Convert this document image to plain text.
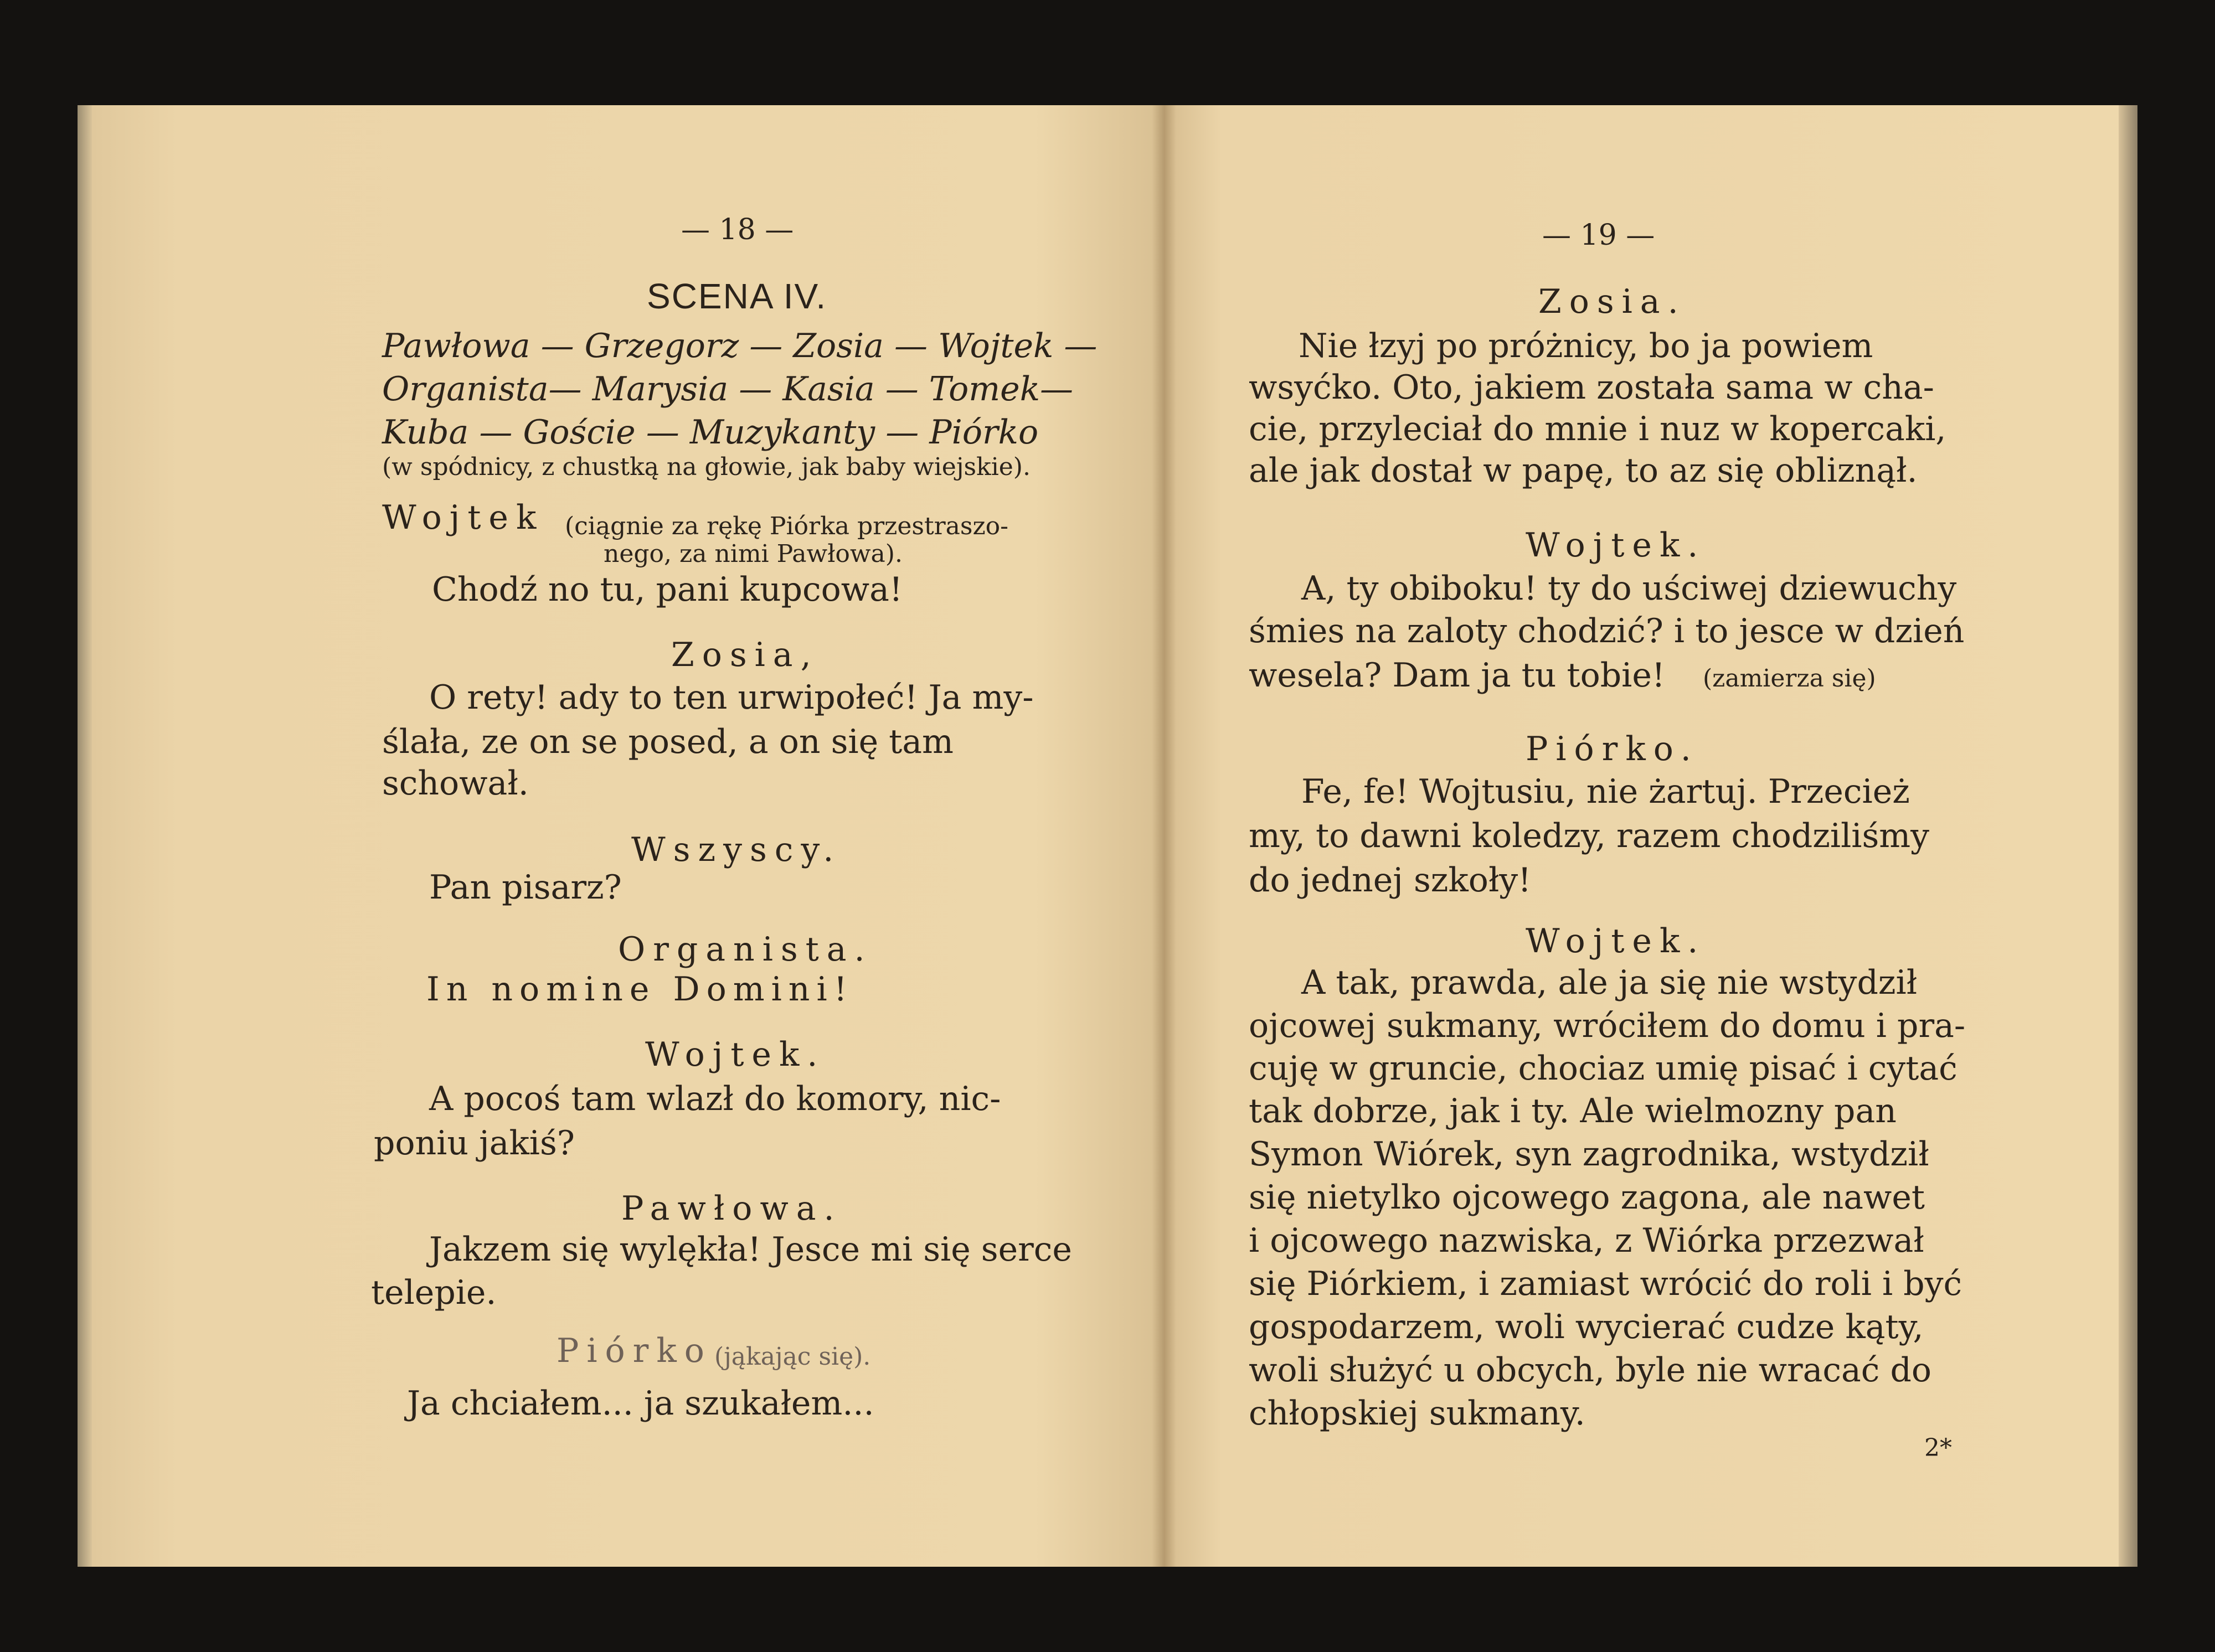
— 18 —
SCENA IV.
Pawłowa — Grzegorz — Zosia — Wojtek —
Organista— Marysia — Kasia — Tomek—
Kuba — Goście — Muzykanty — Piórko
(w spódnicy, z chustką na głowie, jak baby wiejskie).
Wojtek (ciągnie za rękę Piórka przestraszo-
nego, za nimi Pawłowa).
Chodź no tu, pani kupcowa!
Zosia,
O rety! ady to ten urwipołeć! Ja my-
ślała, ze on se posed, a on się tam
schował.
Wszyscy.
Pan pisarz?
Organista.
In nomine Domini!
Wojtek.
A pocoś tam wlazł do komory, nic-
poniu jakiś?
Pawłowa.
Jakzem się wylękła! Jesce mi się serce
telepie.
Piórko (jąkając się).
Ja chciałem... ja szukałem...
— 19 —
Zosia.
Nie łzyj po próżnicy, bo ja powiem
wsyćko. Oto, jakiem została sama w cha-
cie, przyleciał do mnie i nuz w kopercaki,
ale jak dostał w papę, to az się obliznął.
Wojtek.
A, ty obiboku! ty do uściwej dziewuchy
śmies na zaloty chodzić? i to jesce w dzień
wesela? Dam ja tu tobie! (zamierza się)
Piórko.
Fe, fe! Wojtusiu, nie żartuj. Przecież
my, to dawni koledzy, razem chodziliśmy
do jednej szkoły!
Wojtek.
A tak, prawda, ale ja się nie wstydził
ojcowej sukmany, wróciłem do domu i pra-
cuję w gruncie, chociaz umię pisać i cytać
tak dobrze, jak i ty. Ale wielmozny pan
Symon Wiórek, syn zagrodnika, wstydził
się nietylko ojcowego zagona, ale nawet
i ojcowego nazwiska, z Wiórka przezwał
się Piórkiem, i zamiast wrócić do roli i być
gospodarzem, woli wycierać cudze kąty,
woli służyć u obcych, byle nie wracać do
chłopskiej sukmany.
2*
